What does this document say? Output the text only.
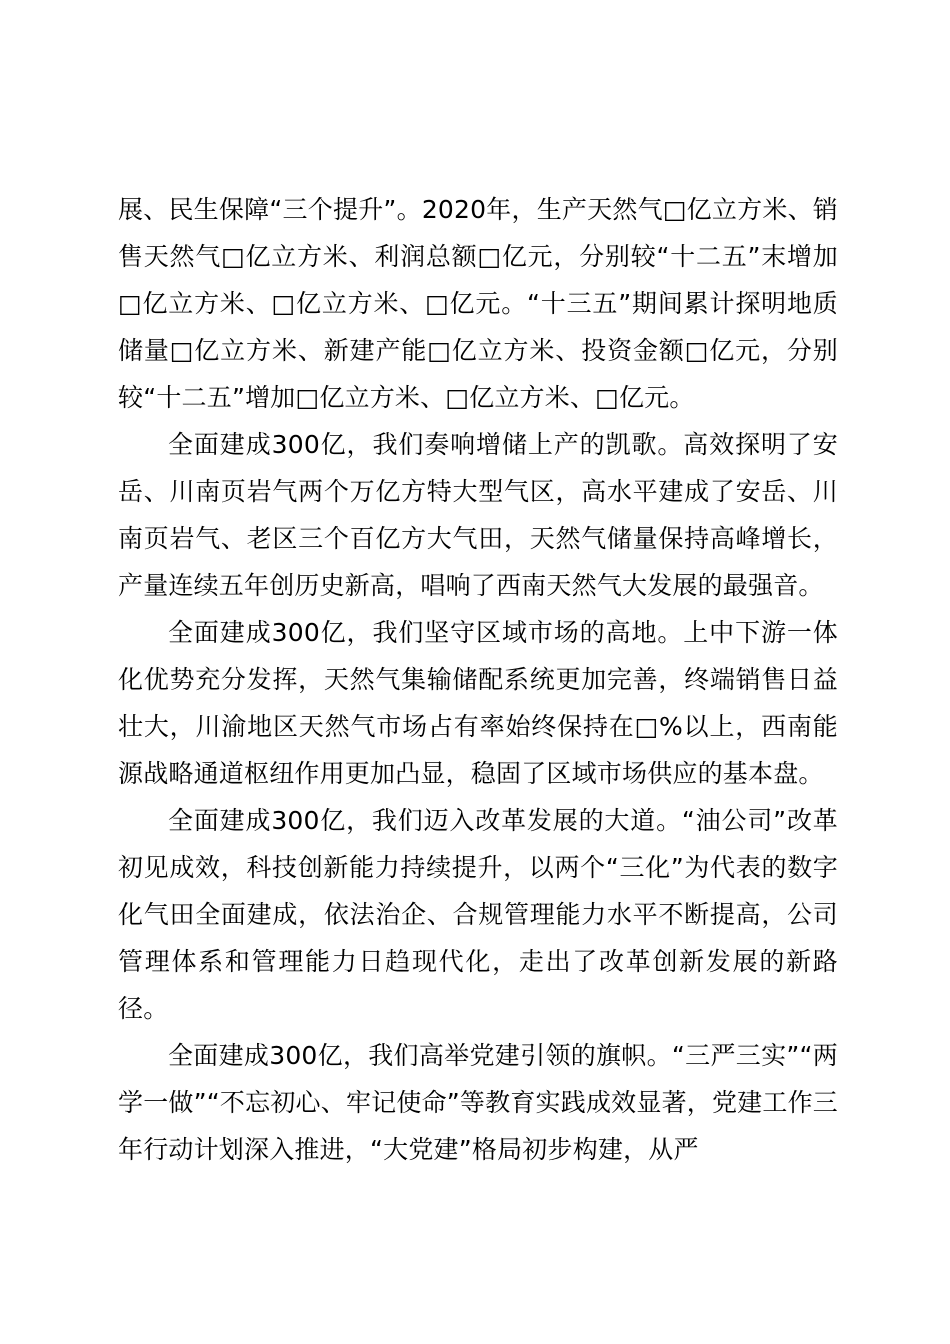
展、民生保障“三个提升”。2020年，生产天然气□亿立方米、销售天然气□亿立方米、利润总额□亿元，分别较“十二五”末增加□亿立方米、□亿立方米、□亿元。“十三五”期间累计探明地质储量□亿立方米、新建产能□亿立方米、投资金额□亿元，分别较“十二五”增加□亿立方米、□亿立方米、□亿元。

全面建成300亿，我们奏响增储上产的凯歌。高效探明了安岳、川南页岩气两个万亿方特大型气区，高水平建成了安岳、川南页岩气、老区三个百亿方大气田，天然气储量保持高峰增长，产量连续五年创历史新高，唱响了西南天然气大发展的最强音。

全面建成300亿，我们坚守区域市场的高地。上中下游一体化优势充分发挥，天然气集输储配系统更加完善，终端销售日益壮大，川渝地区天然气市场占有率始终保持在□%以上，西南能源战略通道枢纽作用更加凸显，稳固了区域市场供应的基本盘。

全面建成300亿，我们迈入改革发展的大道。“油公司”改革初见成效，科技创新能力持续提升，以两个“三化”为代表的数字化气田全面建成，依法治企、合规管理能力水平不断提高，公司管理体系和管理能力日趋现代化，走出了改革创新发展的新路径。

全面建成300亿，我们高举党建引领的旗帜。“三严三实”“两学一做”“不忘初心、牢记使命”等教育实践成效显著，党建工作三年行动计划深入推进，“大党建”格局初步构建，从严
